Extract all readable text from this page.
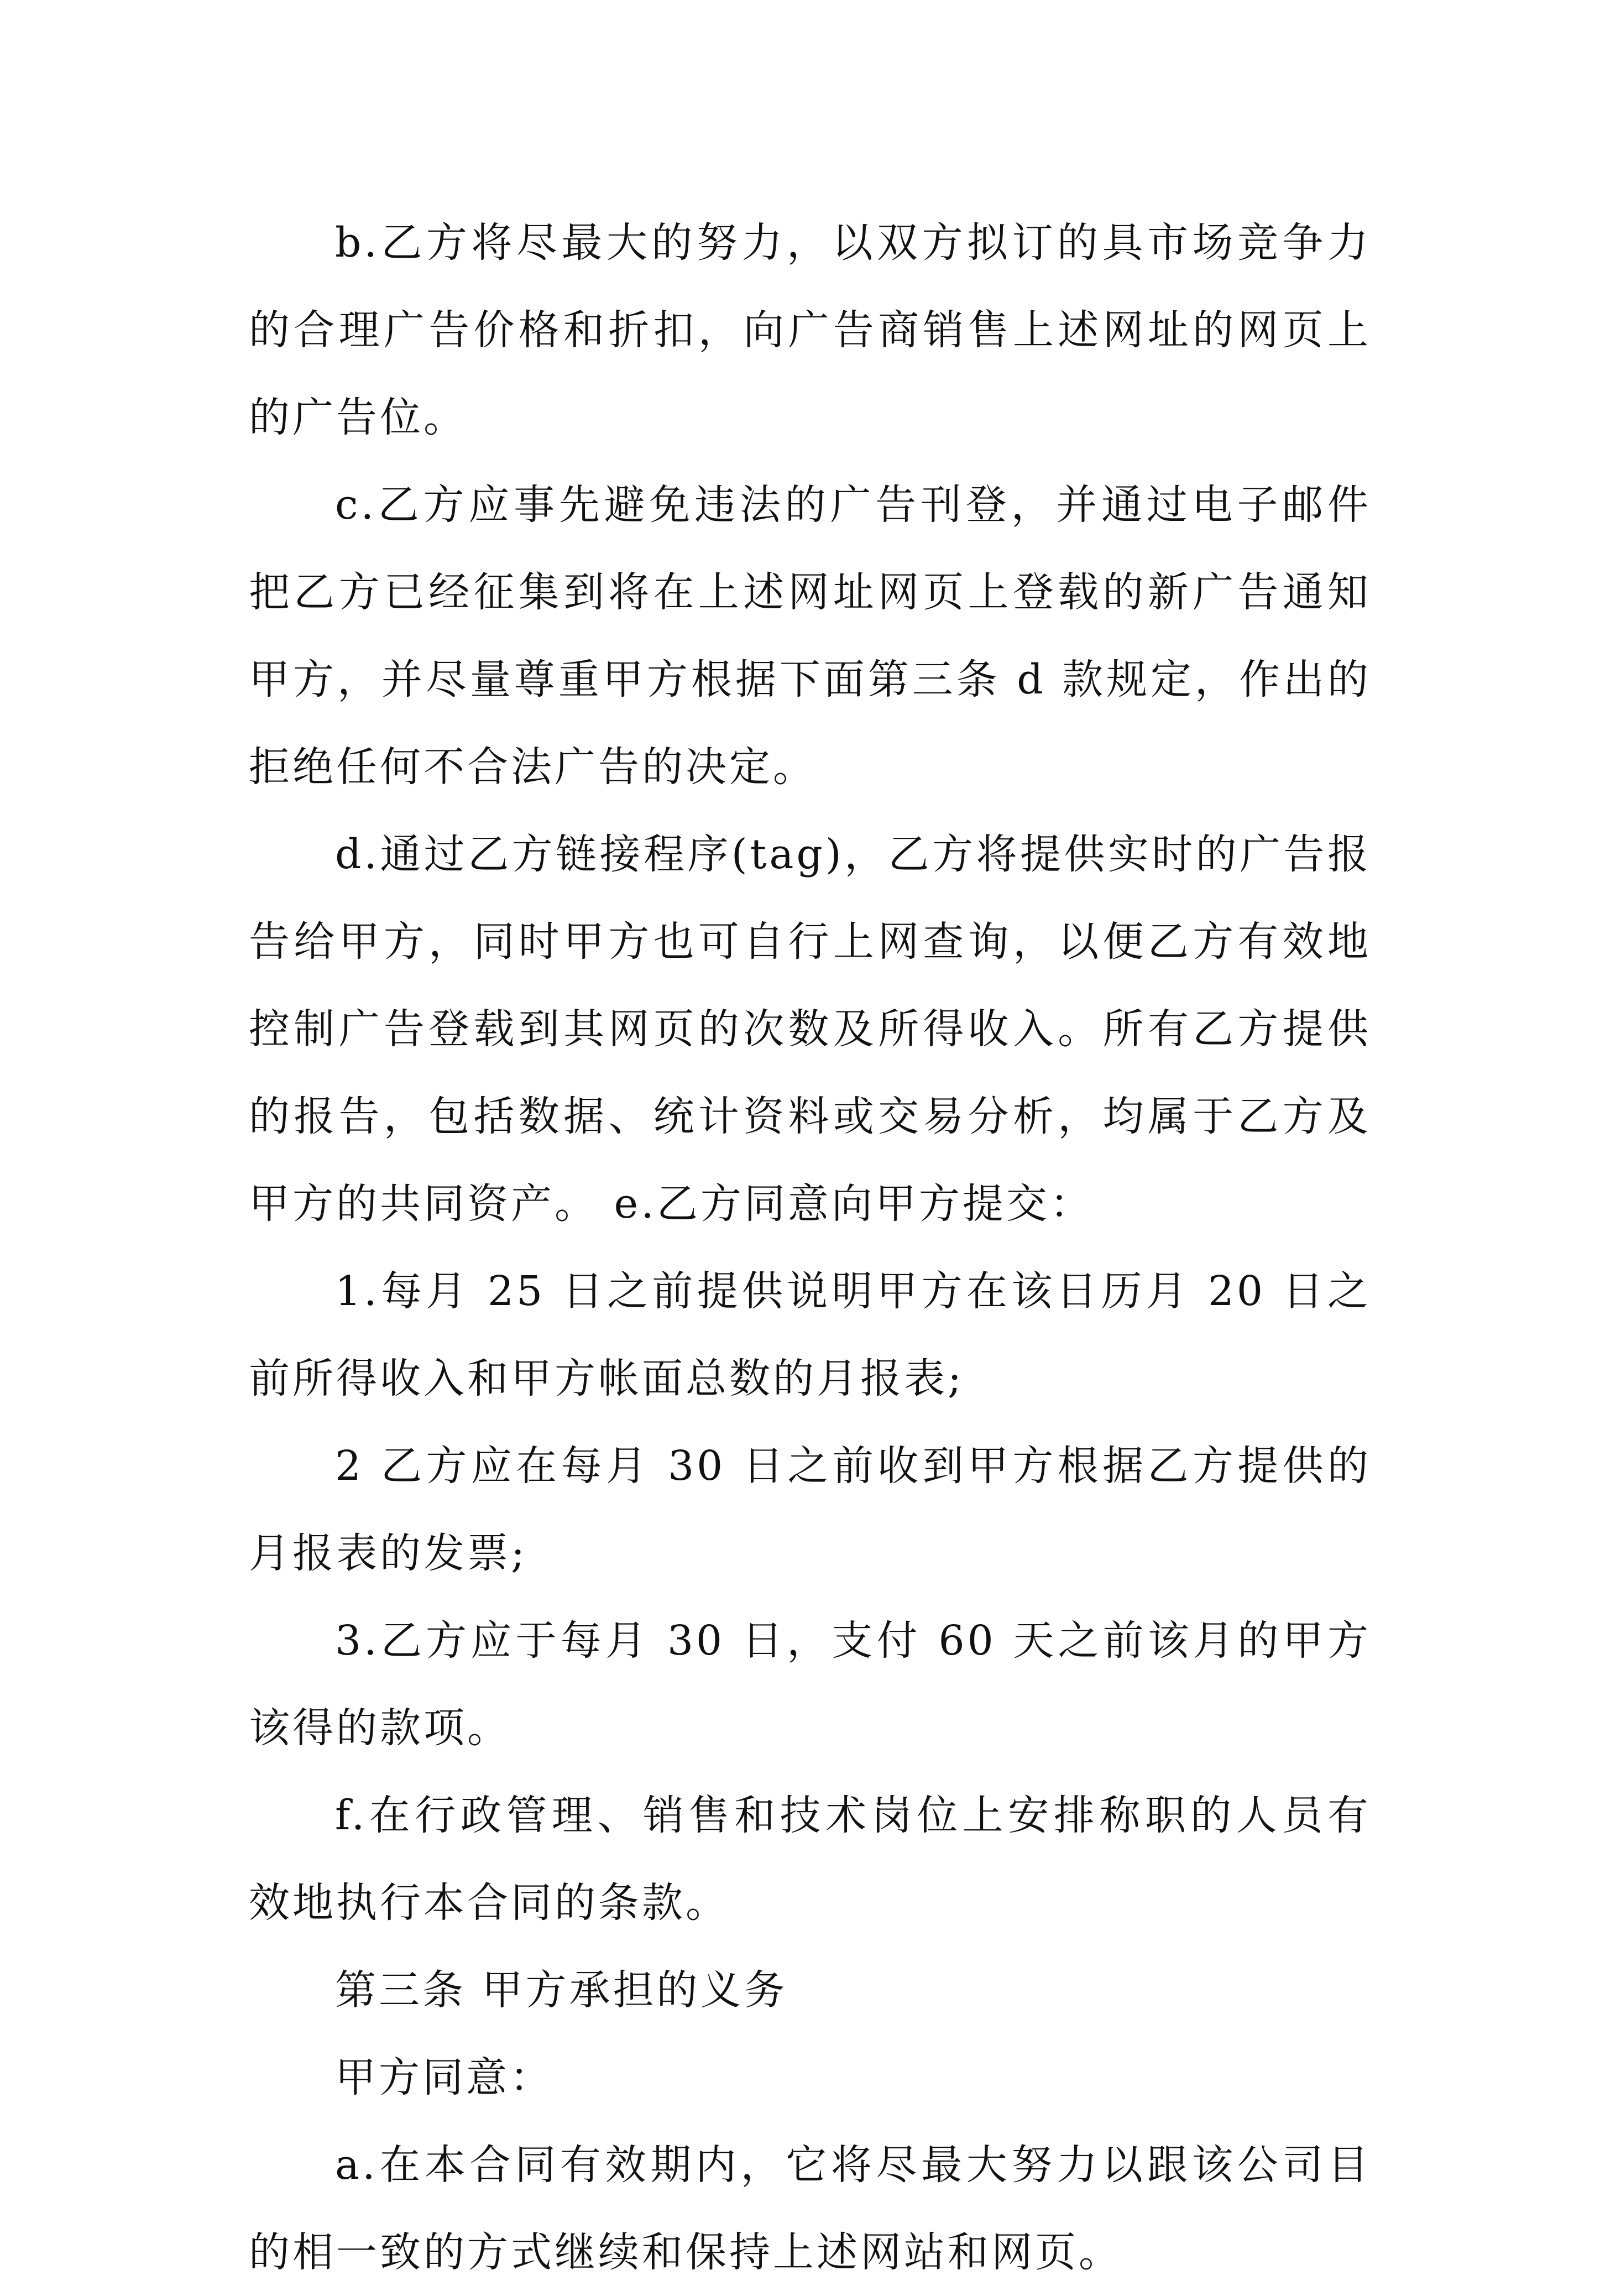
b.乙方将尽最大的努力，以双方拟订的具市场竞争力的合理广告价格和折扣，向广告商销售上述网址的网页上的广告位。

c.乙方应事先避免违法的广告刊登，并通过电子邮件把乙方已经征集到将在上述网址网页上登载的新广告通知甲方，并尽量尊重甲方根据下面第三条 d 款规定，作出的拒绝任何不合法广告的决定。

d.通过乙方链接程序(tag)，乙方将提供实时的广告报告给甲方，同时甲方也可自行上网查询，以便乙方有效地控制广告登载到其网页的次数及所得收入。所有乙方提供的报告，包括数据、统计资料或交易分析，均属于乙方及甲方的共同资产。 e.乙方同意向甲方提交：

1.每月 25 日之前提供说明甲方在该日历月 20 日之前所得收入和甲方帐面总数的月报表;

2 乙方应在每月 30 日之前收到甲方根据乙方提供的月报表的发票;

3.乙方应于每月 30 日，支付 60 天之前该月的甲方该得的款项。

f.在行政管理、销售和技术岗位上安排称职的人员有效地执行本合同的条款。

第三条 甲方承担的义务

甲方同意：

a.在本合同有效期内，它将尽最大努力以跟该公司目的相一致的方式继续和保持上述网站和网页。
